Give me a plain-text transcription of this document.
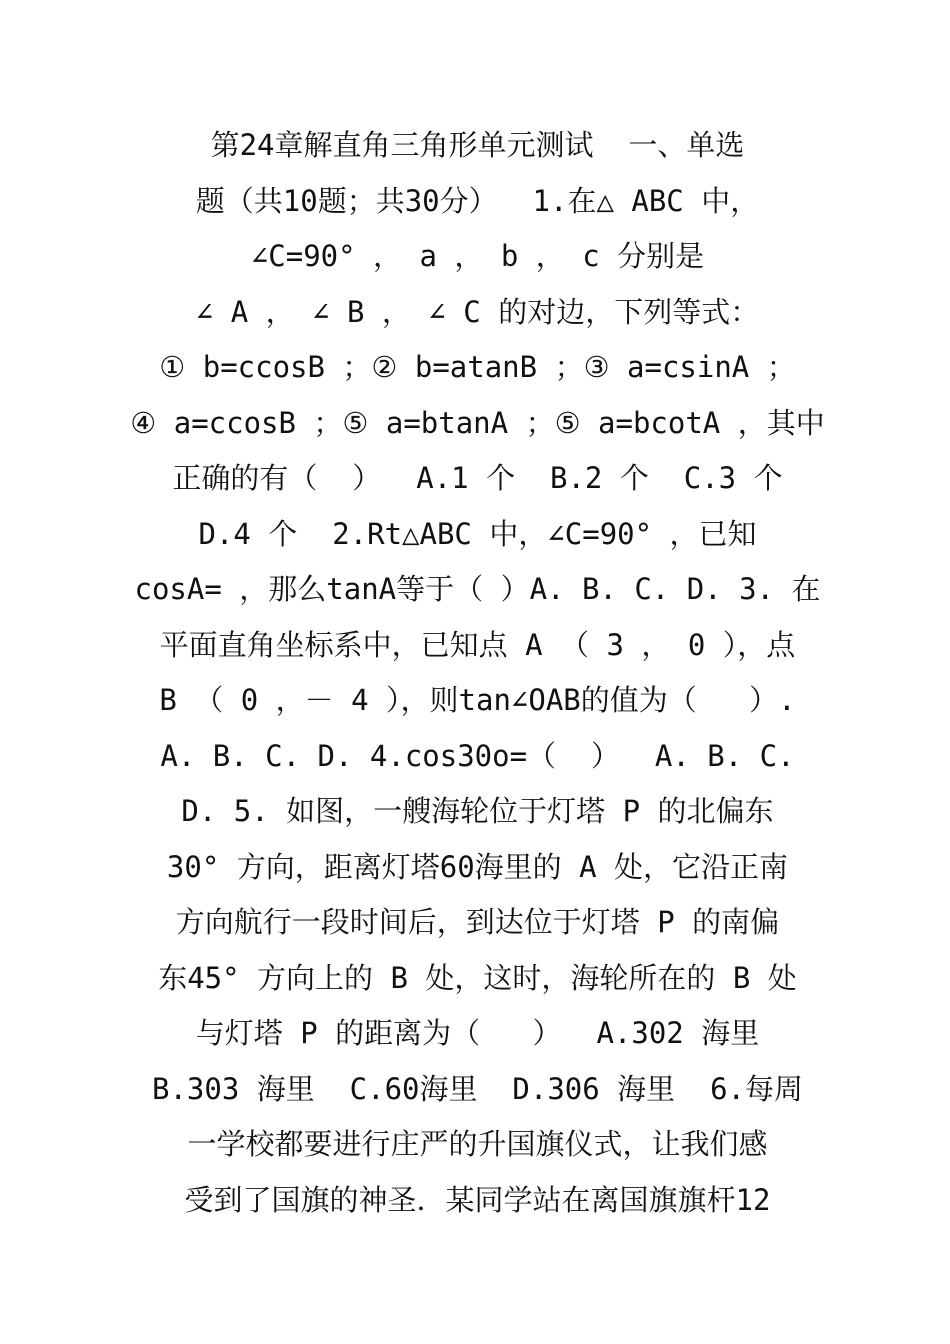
第24章解直角三角形单元测试  一、单选
题（共10题；共30分）  1.在△ ABC 中，
∠C=90° ， a ， b ， c 分别是
∠ A ， ∠ B ， ∠ C 的对边，下列等式：
① b=ccosB ；② b=atanB ；③ a=csinA ；
④ a=ccosB ；⑤ a=btanA ；⑤ a=bcotA ，其中
正确的有（  ）  A.1 个  B.2 个  C.3 个
D.4 个  2.Rt△ABC 中，∠C=90° ，已知
cosA= ，那么tanA等于（ ）A. B. C. D. 3. 在
平面直角坐标系中，已知点 A （ 3 ， 0 ），点
B （ 0 ，－ 4 ），则tan∠OAB的值为（   ）.
A. B. C. D. 4.cos30o=（  ）  A. B. C.
D. 5. 如图，一艘海轮位于灯塔 P 的北偏东
30° 方向，距离灯塔60海里的 A 处，它沿正南
方向航行一段时间后，到达位于灯塔 P 的南偏
东45° 方向上的 B 处，这时，海轮所在的 B 处
与灯塔 P 的距离为（   ）  A.302 海里
B.303 海里  C.60海里  D.306 海里  6.每周
一学校都要进行庄严的升国旗仪式，让我们感
受到了国旗的神圣．某同学站在离国旗旗杆12
